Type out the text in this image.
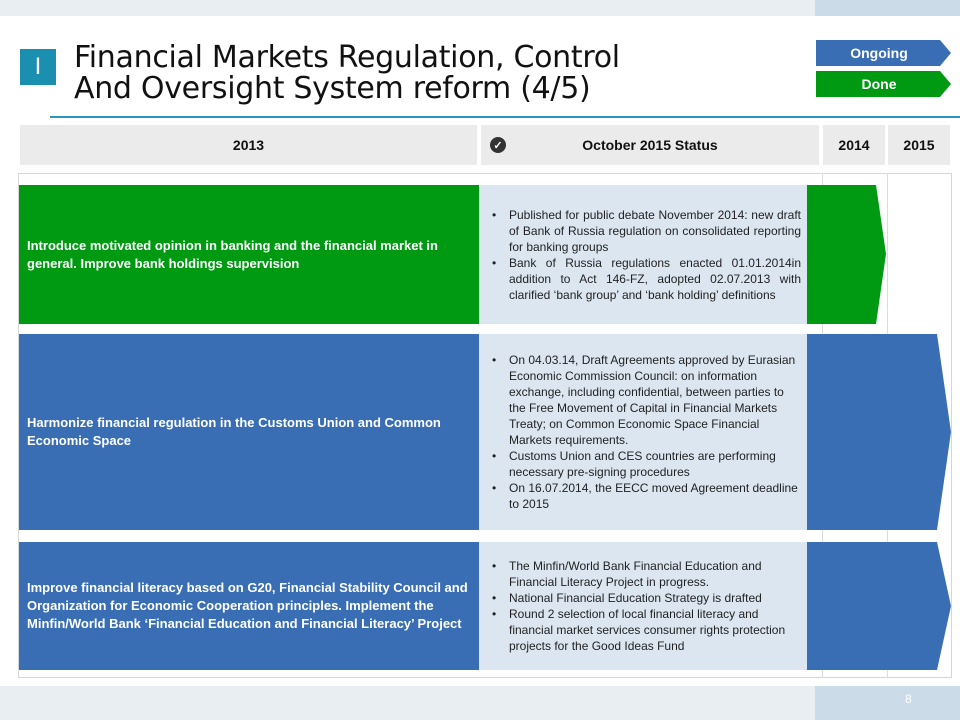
8
I	Financial Markets Regulation, Control
And Oversight System reform (4/5)
Ongoing
Done
2013	✓	October 2015 Status	2014 2015
Introduce motivated opinion in banking and the financial market in general. Improve bank holdings supervision
• Published for public debate November 2014: new draft of Bank of Russia regulation on consolidated reporting for banking groups
• Bank of Russia regulations enacted 01.01.2014in addition to Act 146-FZ, adopted 02.07.2013 with clarified ‘bank group’ and ‘bank holding’ definitions
Harmonize financial regulation in the Customs Union and Common Economic Space
• On 04.03.14, Draft Agreements approved by Eurasian Economic Commission Council: on information exchange, including confidential, between parties to the Free Movement of Capital in Financial Markets Treaty; on Common Economic Space Financial Markets requirements.
• Customs Union and CES countries are performing necessary pre-signing procedures
• On 16.07.2014, the EECC moved Agreement deadline to 2015
Improve financial literacy based on G20, Financial Stability Council and Organization for Economic Cooperation principles. Implement the Minfin/World Bank ‘Financial Education and Financial Literacy’ Project
• The Minfin/World Bank Financial Education and Financial Literacy Project in progress.
• National Financial Education Strategy is drafted
• Round 2 selection of local financial literacy and financial market services consumer rights protection projects for the Good Ideas Fund
